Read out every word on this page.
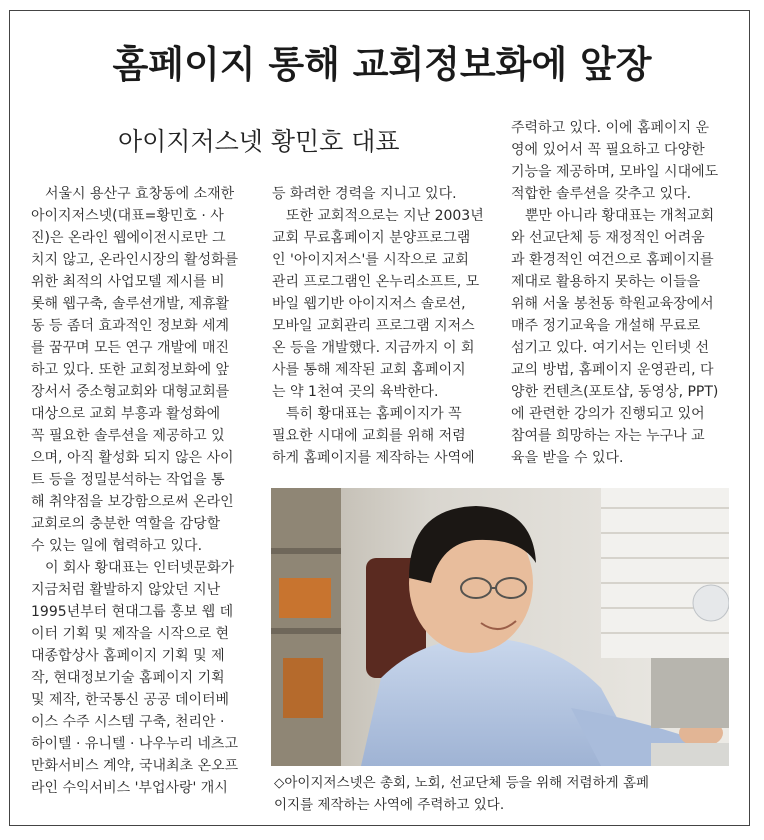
홈페이지 통해 교회정보화에 앞장
아이지저스넷 황민호 대표

　서울시 용산구 효창동에 소재한

아이지저스넷(대표=황민호 · 사

진)은 온라인 웹에이전시로만 그

치지 않고, 온라인시장의 활성화를

위한 최적의 사업모델 제시를 비

롯해 웹구축, 솔루션개발, 제휴활

동 등 좀더 효과적인 정보화 세계

를 꿈꾸며 모든 연구 개발에 매진

하고 있다. 또한 교회정보화에 앞

장서서 중소형교회와 대형교회를

대상으로 교회 부흥과 활성화에

꼭 필요한 솔루션을 제공하고 있

으며, 아직 활성화 되지 않은 사이

트 등을 정밀분석하는 작업을 통

해 취약점을 보강함으로써 온라인

교회로의 충분한 역할을 감당할

수 있는 일에 협력하고 있다.

　이 회사 황대표는 인터넷문화가

지금처럼 활발하지 않았던 지난

1995년부터 현대그룹 홍보 웹 데

이터 기획 및 제작을 시작으로 현

대종합상사 홈페이지 기획 및 제

작, 현대정보기술 홈페이지 기획

및 제작, 한국통신 공공 데이터베

이스 수주 시스템 구축, 천리안 ·

하이텔 · 유니텔 · 나우누리 네츠고

만화서비스 계약, 국내최초 온오프

라인 수익서비스 '부업사랑' 개시

등 화려한 경력을 지니고 있다.

　또한 교회적으로는 지난 2003년

교회 무료홈페이지 분양프로그램

인 '아이지저스'를 시작으로 교회

관리 프로그램인 온누리소프트, 모

바일 웹기반 아이지저스 솔로션,

모바일 교회관리 프로그램 지저스

온 등을 개발했다. 지금까지 이 회

사를 통해 제작된 교회 홈페이지

는 약 1천여 곳의 육박한다.

　특히 황대표는 홈페이지가 꼭

필요한 시대에 교회를 위해 저렴

하게 홈페이지를 제작하는 사역에

주력하고 있다. 이에 홈페이지 운

영에 있어서 꼭 필요하고 다양한

기능을 제공하며, 모바일 시대에도

적합한 솔루션을 갖추고 있다.

　뿐만 아니라 황대표는 개척교회

와 선교단체 등 재정적인 어려움

과 환경적인 여건으로 홈페이지를

제대로 활용하지 못하는 이들을

위해 서울 봉천동 학원교육장에서

매주 정기교육을 개설해 무료로

섬기고 있다. 여기서는 인터넷 선

교의 방법, 홈페이지 운영관리, 다

양한 컨텐츠(포토샵, 동영상, PPT)

에 관련한 강의가 진행되고 있어

참여를 희망하는 자는 누구나 교

육을 받을 수 있다.

◇아이지저스넷은 총회, 노회, 선교단체 등을 위해 저렴하게 홈페
이지를 제작하는 사역에 주력하고 있다.
